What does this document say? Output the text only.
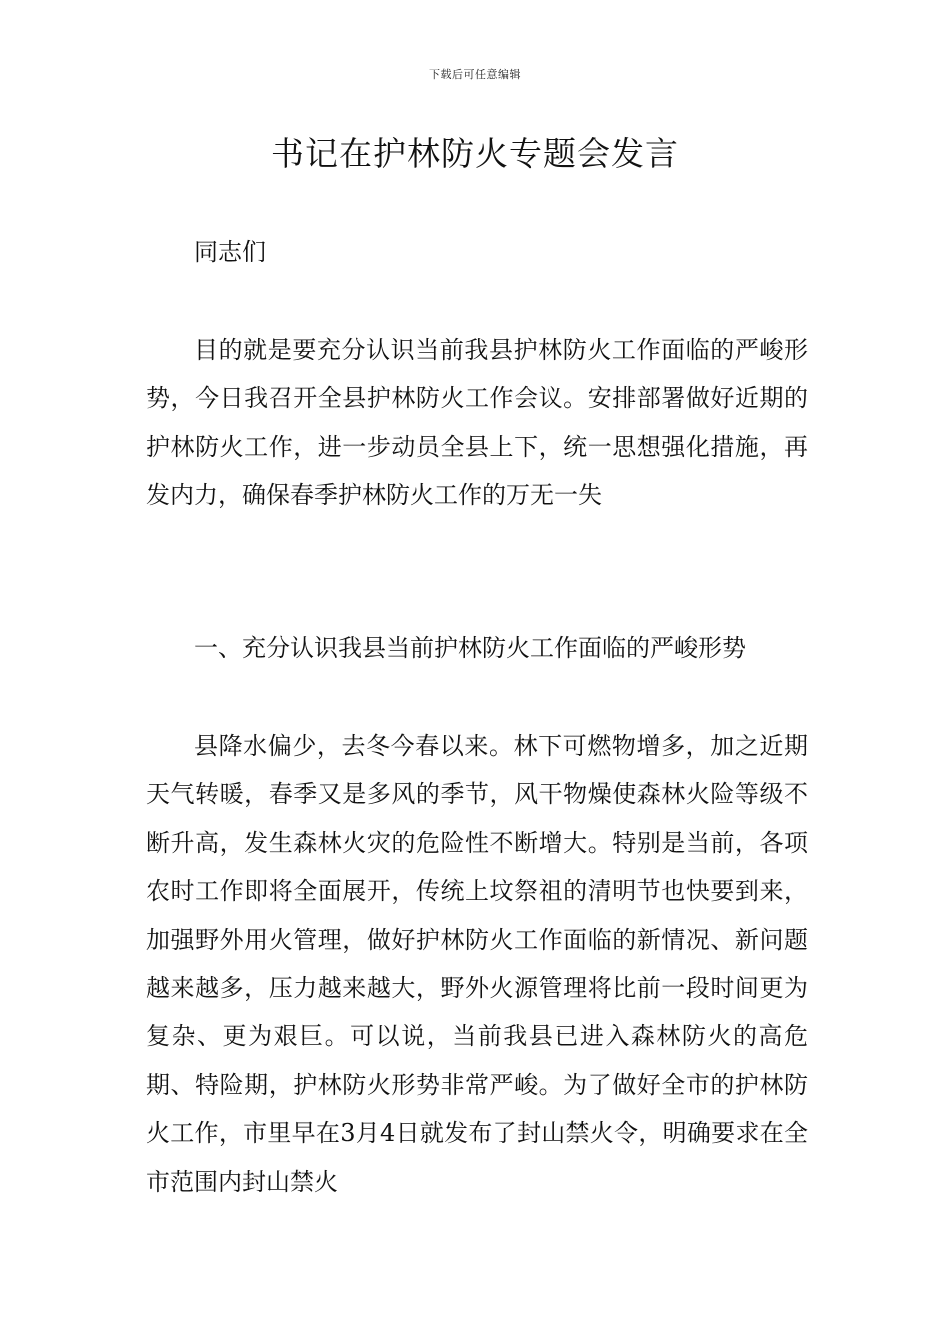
下载后可任意编辑
书记在护林防火专题会发言

同志们

目的就是要充分认识当前我县护林防火工作面临的严峻形势，今日我召开全县护林防火工作会议。安排部署做好近期的护林防火工作，进一步动员全县上下，统一思想强化措施，再发内力，确保春季护林防火工作的万无一失

一、充分认识我县当前护林防火工作面临的严峻形势

县降水偏少，去冬今春以来。林下可燃物增多，加之近期天气转暖，春季又是多风的季节，风干物燥使森林火险等级不断升高，发生森林火灾的危险性不断增大。特别是当前，各项农时工作即将全面展开，传统上坟祭祖的清明节也快要到来，加强野外用火管理，做好护林防火工作面临的新情况、新问题越来越多，压力越来越大，野外火源管理将比前一段时间更为复杂、更为艰巨。可以说，当前我县已进入森林防火的高危期、特险期，护林防火形势非常严峻。为了做好全市的护林防火工作，市里早在3月4日就发布了封山禁火令，明确要求在全市范围内封山禁火
